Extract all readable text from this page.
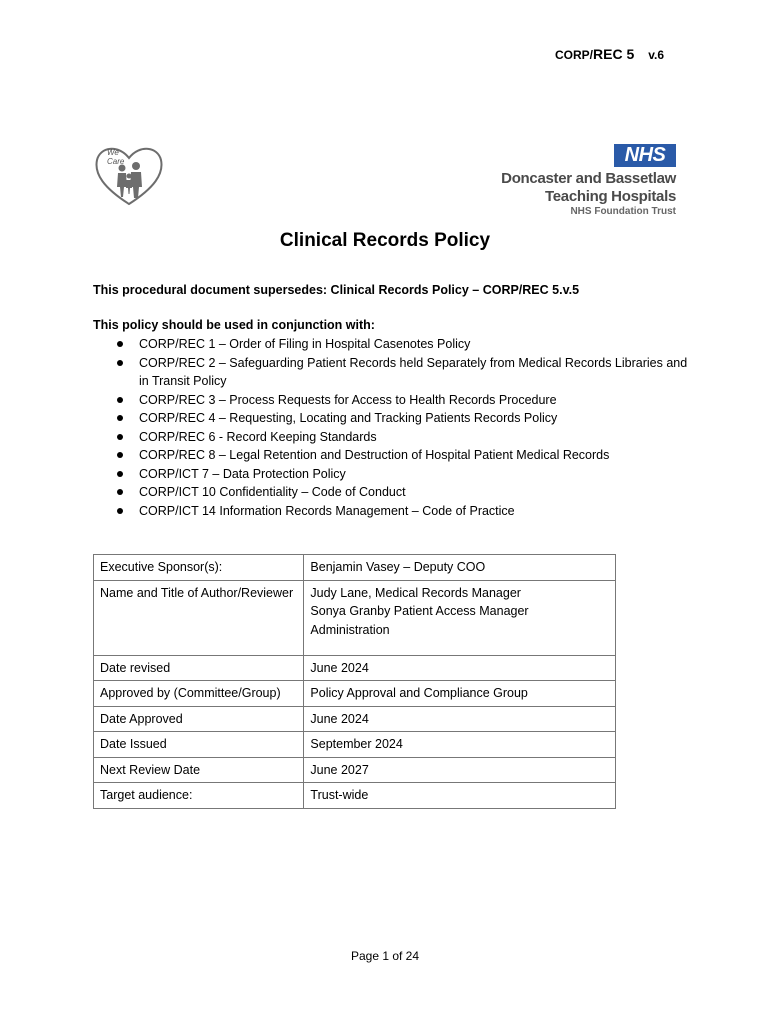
CORP/REC 5 v.6
We
Care	NHS
Doncaster and Bassetlaw
Teaching Hospitals
NHS Foundation Trust
Clinical Records Policy
This procedural document supersedes: Clinical Records Policy – CORP/REC 5.v.5
This policy should be used in conjunction with:
CORP/REC 1 – Order of Filing in Hospital Casenotes Policy
CORP/REC 2 – Safeguarding Patient Records held Separately from Medical Records Libraries and in Transit Policy
CORP/REC 3 – Process Requests for Access to Health Records Procedure
CORP/REC 4 – Requesting, Locating and Tracking Patients Records Policy
CORP/REC 6 - Record Keeping Standards
CORP/REC 8 – Legal Retention and Destruction of Hospital Patient Medical Records
CORP/ICT 7 – Data Protection Policy
CORP/ICT 10 Confidentiality – Code of Conduct
CORP/ICT 14 Information Records Management – Code of Practice
Executive Sponsor(s):	Benjamin Vasey – Deputy COO
Name and Title of Author/Reviewer	Judy Lane, Medical Records Manager
Sonya Granby Patient Access Manager Administration

Date revised	June 2024
Approved by (Committee/Group)	Policy Approval and Compliance Group
Date Approved	June 2024
Date Issued	September 2024
Next Review Date	June 2027
Target audience:	Trust-wide
Page 1 of 24
